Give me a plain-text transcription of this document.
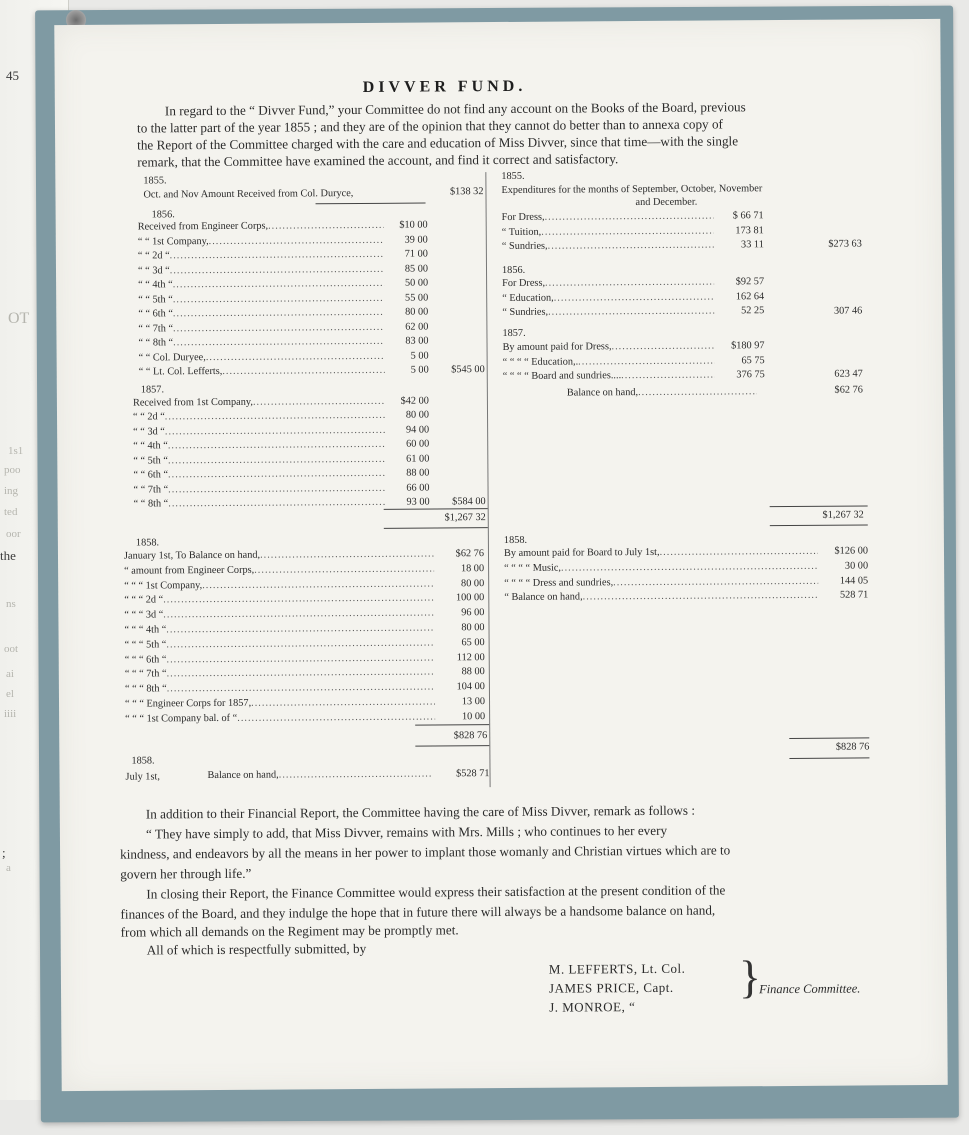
45
OT
the
;
a
1s1
poo
ing
ted
oor
ns
oot
ai
el
iiii
DIVVER FUND.
In regard to the “ Divver Fund,” your Committee do not find any account on the Books of the Board, previous
to the latter part of the year 1855 ; and they are of the opinion that they cannot do better than to annexa copy of
the Report of the Committee charged with the care and education of Miss Divver, since that time—with the single
remark, that the Committee have examined the account, and find it correct and satisfactory.
1855.
Oct. and Nov Amount Received from Col. Duryce,	$138 32
1856.
Received from Engineer Corps, .....	$10 00
“ “ 1st Company, .....	39 00
“ “ 2d “ .....	71 00
“ “ 3d “ .....	85 00
“ “ 4th “ .....	50 00
“ “ 5th “ .....	55 00
“ “ 6th “ .....	80 00
“ “ 7th “ .....	62 00
“ “ 8th “ .....	83 00
“ “ Col. Duryee, .....	5 00
“ “ Lt. Col. Lefferts, .....	5 00	$545 00
1857.
Received from 1st Company, .....	$42 00
“ “ 2d “ .....	80 00
“ “ 3d “ .....	94 00
“ “ 4th “ .....	60 00
“ “ 5th “ .....	61 00
“ “ 6th “ .....	88 00
“ “ 7th “ .....	66 00
“ “ 8th “ .....	93 00	$584 00
$1,267 32
1858.
January 1st, To Balance on hand, .....	$62 76
“ amount from Engineer Corps, .....	18 00
“ “ “ 1st Company, .....	80 00
“ “ “ 2d “ .....	100 00
“ “ “ 3d “ .....	96 00
“ “ “ 4th “ .....	80 00
“ “ “ 5th “ .....	65 00
“ “ “ 6th “ .....	112 00
“ “ “ 7th “ .....	88 00
“ “ “ 8th “ .....	104 00
“ “ “ Engineer Corps for 1857, .....	13 00
“ “ “ 1st Company bal. of “ .....	10 00
$828 76
1858.
July 1st,	Balance on hand, .....	$528 71
1855.
Expenditures for the months of September, October, November
and December.
For Dress, .....	$ 66 71
“ Tuition, .....	173 81
“ Sundries, .....	33 11	$273 63
1856.
For Dress, .....	$92 57
“ Education, .....	162 64
“ Sundries, .....	52 25	307 46
1857.
By amount paid for Dress, .....	$180 97
“ “ “ “ Education,. .....	65 75
“ “ “ “ Board and sundries.... .....	376 75	623 47
Balance on hand, .....	$62 76
$1,267 32
1858.
By amount paid for Board to July 1st, .....	$126 00
“ “ “ “ Music, .....	30 00
“ “ “ “ Dress and sundries, .....	144 05
“ Balance on hand, .....	528 71
$828 76
In addition to their Financial Report, the Committee having the care of Miss Divver, remark as follows :
“ They have simply to add, that Miss Divver, remains with Mrs. Mills ; who continues to her every
kindness, and endeavors by all the means in her power to implant those womanly and Christian virtues which are to
govern her through life.”
In closing their Report, the Finance Committee would express their satisfaction at the present condition of the
finances of the Board, and they indulge the hope that in future there will always be a handsome balance on hand,
from which all demands on the Regiment may be promptly met.
All of which is respectfully submitted, by
M. LEFFERTS, Lt. Col.
JAMES PRICE, Capt.
J. MONROE, “
}
Finance Committee.
